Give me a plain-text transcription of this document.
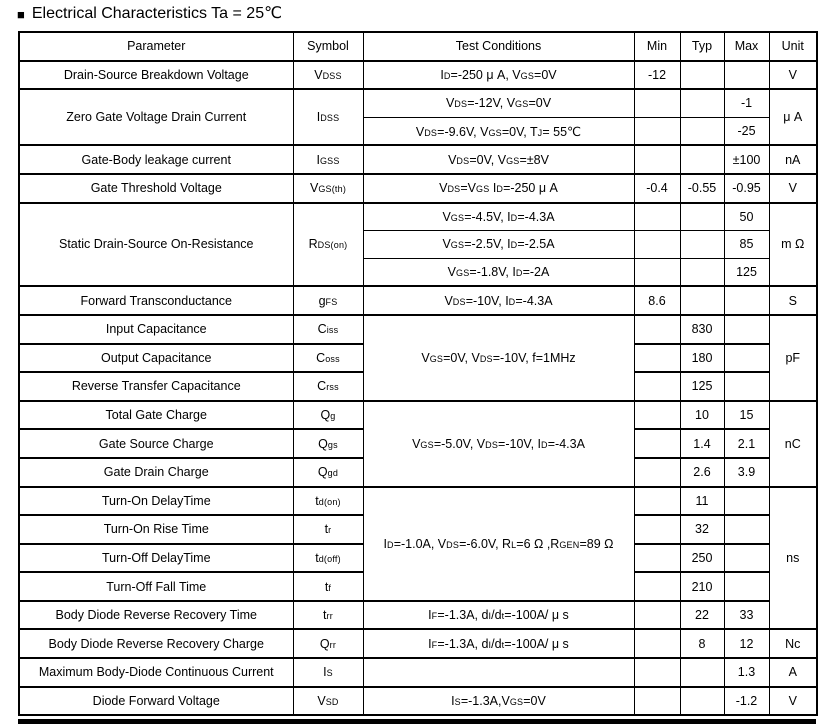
■ Electrical Characteristics Ta = 25℃
Parameter	Symbol	Test Conditions	Min	Typ	Max	Unit
Drain-Source Breakdown Voltage	VDSS	ID=-250 μ A, VGS=0V	-12			V
Zero Gate Voltage Drain Current	IDSS	VDS=-12V, VGS=0V			-1	μ A
		VDS=-9.6V, VGS=0V, TJ= 55℃			-25	
Gate-Body leakage current	IGSS	VDS=0V, VGS=±8V			±100	nA
Gate Threshold Voltage	VGS(th)	VDS=VGS ID=-250 μ A	-0.4	-0.55	-0.95	V
Static Drain-Source On-Resistance	RDS(on)	VGS=-4.5V, ID=-4.3A			50	m Ω
		VGS=-2.5V, ID=-2.5A			85	
		VGS=-1.8V, ID=-2A			125	
Forward Transconductance	gFS	VDS=-10V, ID=-4.3A	8.6			S
Input Capacitance	Ciss	VGS=0V, VDS=-10V, f=1MHz		830		pF
Output Capacitance	Coss			180		
Reverse Transfer Capacitance	Crss			125		
Total Gate Charge	Qg	VGS=-5.0V, VDS=-10V, ID=-4.3A		10	15	nC
Gate Source Charge	Qgs			1.4	2.1	
Gate Drain Charge	Qgd			2.6	3.9	
Turn-On DelayTime	td(on)	ID=-1.0A, VDS=-6.0V, RL=6 Ω ,RGEN=89 Ω		11		ns
Turn-On Rise Time	tr			32		
Turn-Off DelayTime	td(off)			250		
Turn-Off Fall Time	tf			210		
Body Diode Reverse Recovery Time	trr	IF=-1.3A, dI/dt=-100A/ μ s		22	33	
Body Diode Reverse Recovery Charge	Qrr	IF=-1.3A, dI/dt=-100A/ μ s		8	12	Nc
Maximum Body-Diode Continuous Current	IS				1.3	A
Diode Forward Voltage	VSD	IS=-1.3A,VGS=0V			-1.2	V
